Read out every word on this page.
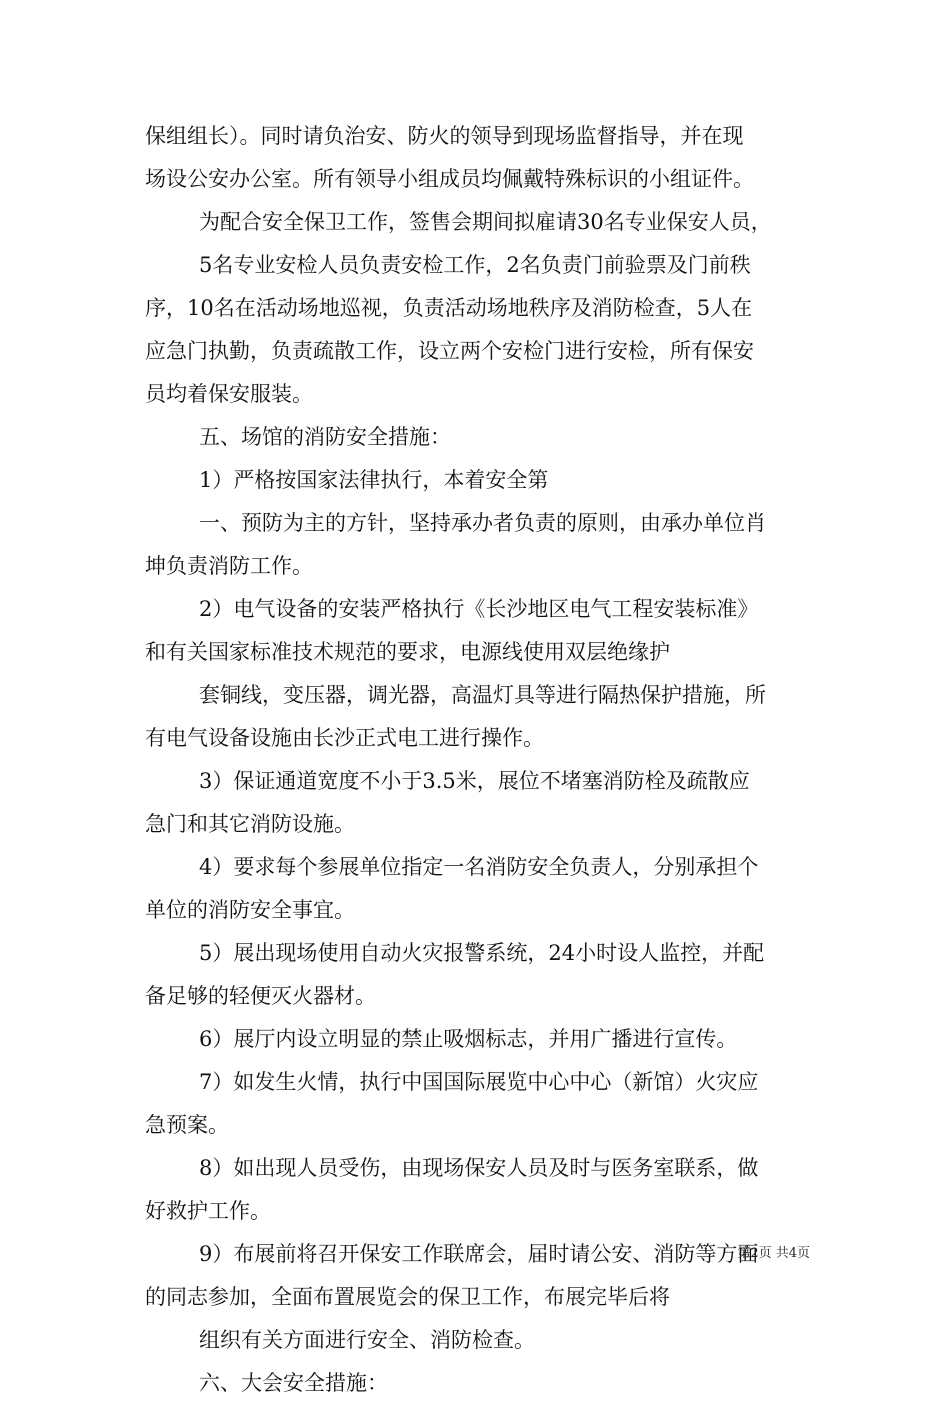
保组组长）。同时请负治安、防火的领导到现场监督指导，并在现
场设公安办公室。所有领导小组成员均佩戴特殊标识的小组证件。
为配合安全保卫工作，签售会期间拟雇请30名专业保安人员，
5名专业安检人员负责安检工作，2名负责门前验票及门前秩
序，10名在活动场地巡视，负责活动场地秩序及消防检查，5人在
应急门执勤，负责疏散工作，设立两个安检门进行安检，所有保安
员均着保安服装。
五、场馆的消防安全措施：
1）严格按国家法律执行，本着安全第
一、预防为主的方针，坚持承办者负责的原则，由承办单位肖
坤负责消防工作。
2）电气设备的安装严格执行《长沙地区电气工程安装标准》
和有关国家标准技术规范的要求，电源线使用双层绝缘护
套铜线，变压器，调光器，高温灯具等进行隔热保护措施，所
有电气设备设施由长沙正式电工进行操作。
3）保证通道宽度不小于3.5米，展位不堵塞消防栓及疏散应
急门和其它消防设施。
4）要求每个参展单位指定一名消防安全负责人，分别承担个
单位的消防安全事宜。
5）展出现场使用自动火灾报警系统，24小时设人监控，并配
备足够的轻便灭火器材。
6）展厅内设立明显的禁止吸烟标志，并用广播进行宣传。
7）如发生火情，执行中国国际展览中心中心（新馆）火灾应
急预案。
8）如出现人员受伤，由现场保安人员及时与医务室联系，做
好救护工作。
9）布展前将召开保安工作联席会，届时请公安、消防等方面
的同志参加，全面布置展览会的保卫工作，布展完毕后将
组织有关方面进行安全、消防检查。
六、大会安全措施：
第2页 共4页
